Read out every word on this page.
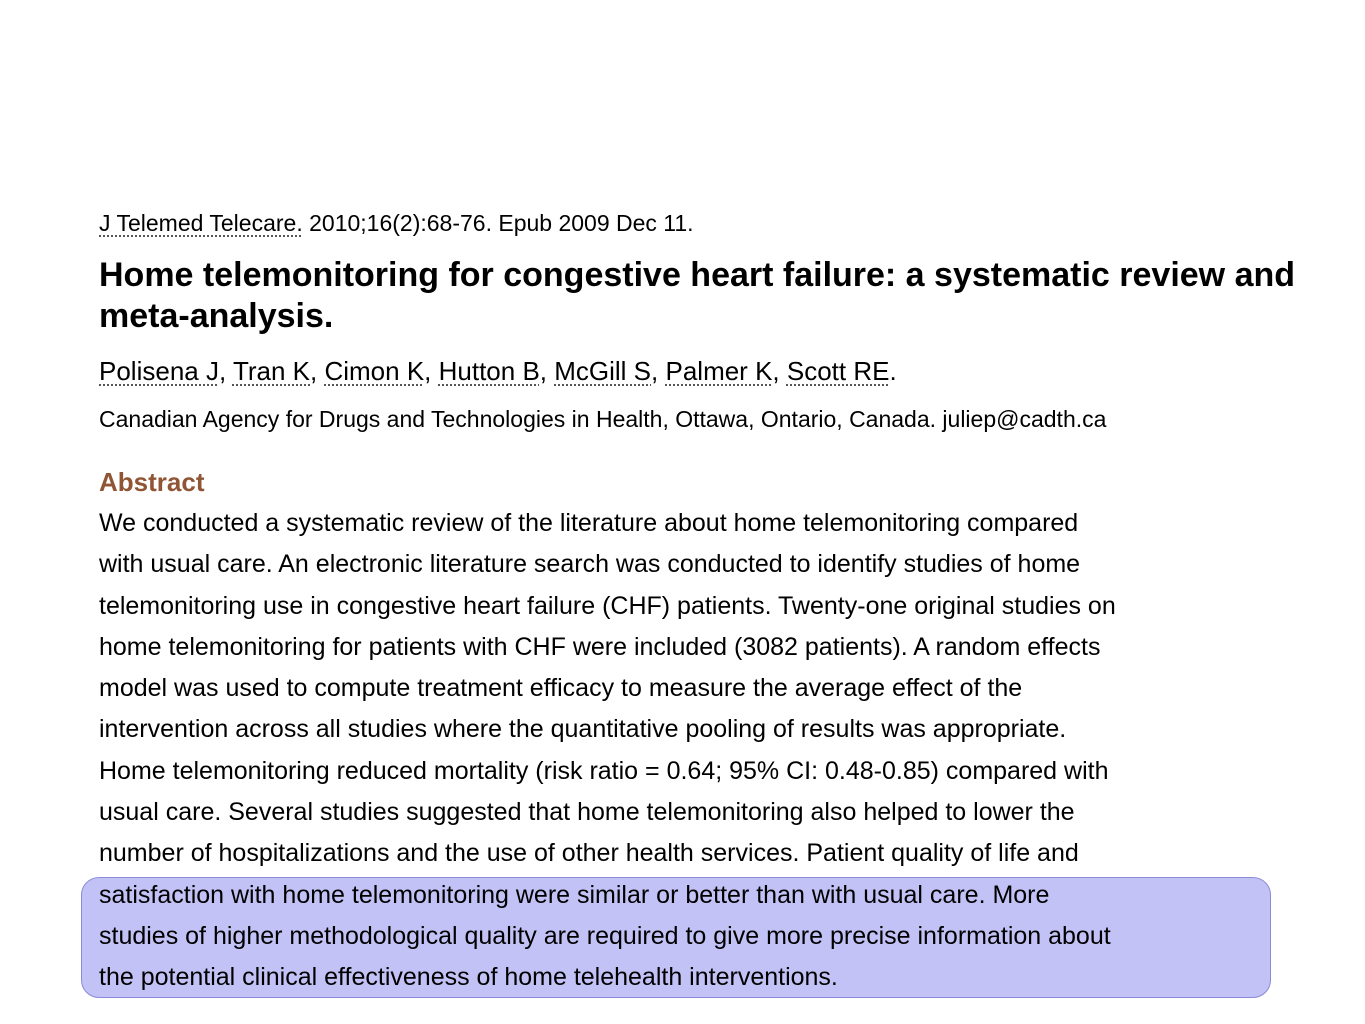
J Telemed Telecare. 2010;16(2):68-76. Epub 2009 Dec 11.
Home telemonitoring for congestive heart failure: a systematic review and meta-analysis.
Polisena J, Tran K, Cimon K, Hutton B, McGill S, Palmer K, Scott RE.
Canadian Agency for Drugs and Technologies in Health, Ottawa, Ontario, Canada. juliep@cadth.ca
Abstract
We conducted a systematic review of the literature about home telemonitoring compared
with usual care. An electronic literature search was conducted to identify studies of home
telemonitoring use in congestive heart failure (CHF) patients. Twenty-one original studies on
home telemonitoring for patients with CHF were included (3082 patients). A random effects
model was used to compute treatment efficacy to measure the average effect of the
intervention across all studies where the quantitative pooling of results was appropriate.
Home telemonitoring reduced mortality (risk ratio = 0.64; 95% CI: 0.48-0.85) compared with
usual care. Several studies suggested that home telemonitoring also helped to lower the
number of hospitalizations and the use of other health services. Patient quality of life and
satisfaction with home telemonitoring were similar or better than with usual care. More
studies of higher methodological quality are required to give more precise information about
the potential clinical effectiveness of home telehealth interventions.
